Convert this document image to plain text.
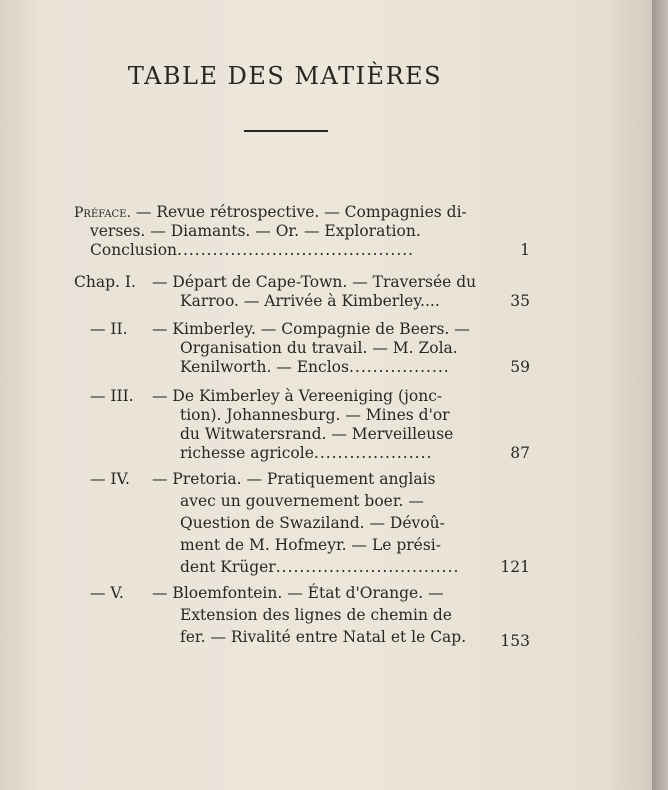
TABLE DES MATIÈRES
Préface. — Revue rétrospective. — Compagnies di-
verses. — Diamants. — Or. — Exploration.
Conclusion........................................	1
Chap. I. — Départ de Cape-Town. — Traversée du
Karroo. — Arrivée à Kimberley....	35
— II. — Kimberley. — Compagnie de Beers. —
Organisation du travail. — M. Zola.
Kenilworth. — Enclos.................	59
— III. — De Kimberley à Vereeniging (jonc-
tion). Johannesburg. — Mines d'or
du Witwatersrand. — Merveilleuse
richesse agricole....................	87
— IV. — Pretoria. — Pratiquement anglais
avec un gouvernement boer. —
Question de Swaziland. — Dévoû-
ment de M. Hofmeyr. — Le prési-
dent Krüger...............................	121
— V. — Bloemfontein. — État d'Orange. —
Extension des lignes de chemin de
fer. — Rivalité entre Natal et le Cap.	153
